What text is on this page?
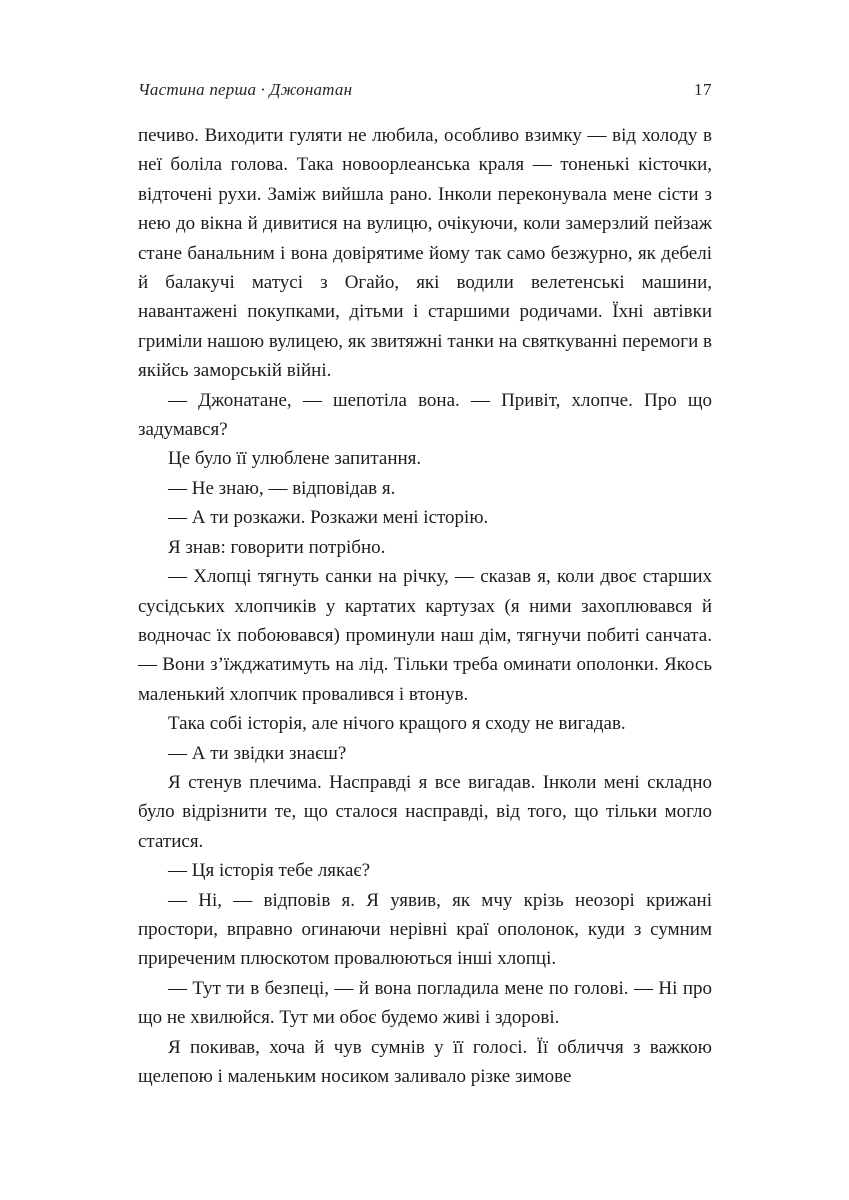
Частина перша · Джонатан	17

печиво. Виходити гуляти не любила, особливо взимку — від холоду в неї боліла голова. Така новоорлеанська краля — тоненькі кісточки, відточені рухи. Заміж вийшла рано. Інколи переконувала мене сісти з нею до вікна й дивитися на вулицю, очікуючи, коли замерзлий пейзаж стане банальним і вона довірятиме йому так само безжурно, як дебелі й балакучі матусі з Огайо, які водили велетенські машини, навантажені покупками, дітьми і старшими родичами. Їхні автівки гриміли нашою вулицею, як звитяжні танки на святкуванні перемоги в якійсь заморській війні.

— Джонатане, — шепотіла вона. — Привіт, хлопче. Про що задумався?

Це було її улюблене запитання.

— Не знаю, — відповідав я.

— А ти розкажи. Розкажи мені історію.

Я знав: говорити потрібно.

— Хлопці тягнуть санки на річку, — сказав я, коли двоє старших сусідських хлопчиків у картатих картузах (я ними захоплювався й водночас їх побоювався) проминули наш дім, тягнучи побиті санчата. — Вони з’їжджатимуть на лід. Тільки треба оминати ополонки. Якось маленький хлопчик провалився і втонув.

Така собі історія, але нічого кращого я сходу не вигадав.

— А ти звідки знаєш?

Я стенув плечима. Насправді я все вигадав. Інколи мені складно було відрізнити те, що сталося насправді, від того, що тільки могло статися.

— Ця історія тебе лякає?

— Ні, — відповів я. Я уявив, як мчу крізь неозорі крижані простори, вправно огинаючи нерівні краї ополонок, куди з сумним приреченим плюскотом провалюються інші хлопці.

— Тут ти в безпеці, — й вона погладила мене по голові. — Ні про що не хвилюйся. Тут ми обоє будемо живі і здорові.

Я покивав, хоча й чув сумнів у її голосі. Її обличчя з важкою щелепою і маленьким носиком заливало різке зимове
